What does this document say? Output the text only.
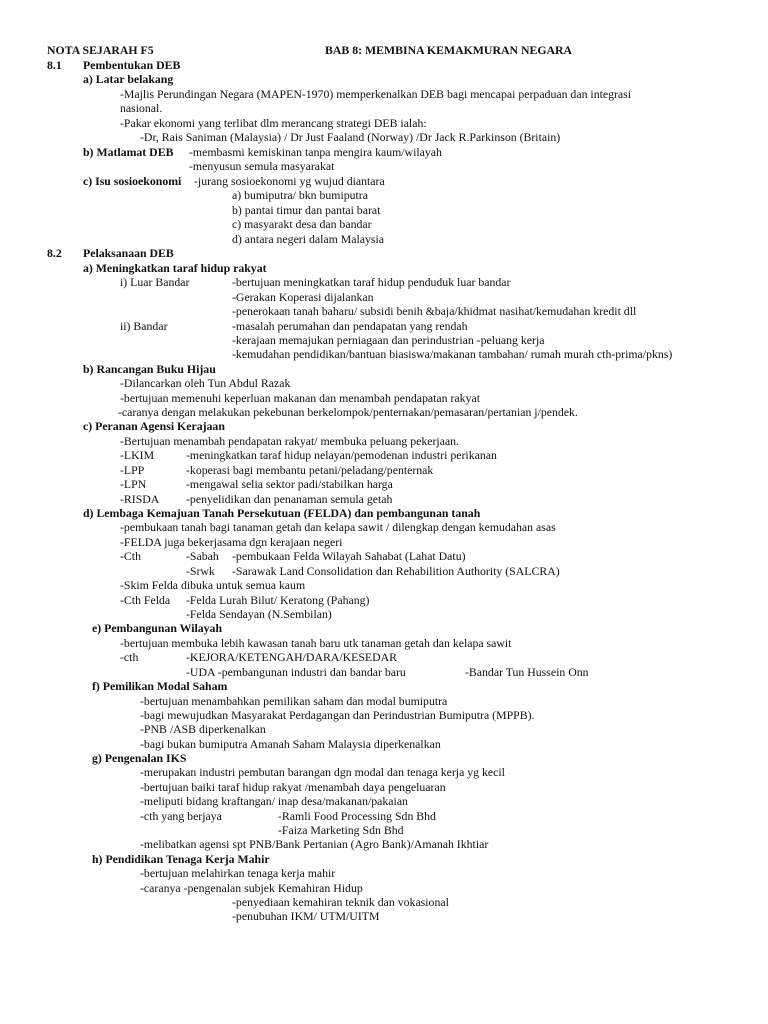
NOTA SEJARAH F5	BAB 8: MEMBINA KEMAKMURAN NEGARA
8.1 Pembentukan DEB
a) Latar belakang
-Majlis Perundingan Negara (MAPEN-1970) memperkenalkan DEB bagi mencapai perpaduan dan integrasi
nasional.
-Pakar ekonomi yang terlibat dlm merancang strategi DEB ialah:
-Dr, Rais Saniman (Malaysia) / Dr Just Faaland (Norway) /Dr Jack R.Parkinson (Britain)
b) Matlamat DEB -membasmi kemiskinan tanpa mengira kaum/wilayah
-menyusun semula masyarakat
c) Isu sosioekonomi -jurang sosioekonomi yg wujud diantara
a) bumiputra/ bkn bumiputra
b) pantai timur dan pantai barat
c) masyarakt desa dan bandar
d) antara negeri dalam Malaysia
8.2 Pelaksanaan DEB
a) Meningkatkan taraf hidup rakyat
i) Luar Bandar	-bertujuan meningkatkan taraf hidup penduduk luar bandar
-Gerakan Koperasi dijalankan
-penerokaan tanah baharu/ subsidi benih &baja/khidmat nasihat/kemudahan kredit dll
ii) Bandar	-masalah perumahan dan pendapatan yang rendah
-kerajaan memajukan perniagaan dan perindustrian -peluang kerja
-kemudahan pendidikan/bantuan biasiswa/makanan tambahan/ rumah murah cth-prima/pkns)
b) Rancangan Buku Hijau
-Dilancarkan oleh Tun Abdul Razak
-bertujuan memenuhi keperluan makanan dan menambah pendapatan rakyat
-caranya dengan melakukan pekebunan berkelompok/penternakan/pemasaran/pertanian j/pendek.
c) Peranan Agensi Kerajaan
-Bertujuan menambah pendapatan rakyat/ membuka peluang pekerjaan.
-LKIM	-meningkatkan taraf hidup nelayan/pemodenan industri perikanan
-LPP	-koperasi bagi membantu petani/peladang/penternak
-LPN	-mengawal selia sektor padi/stabilkan harga
-RISDA -penyelidikan dan penanaman semula getah
d) Lembaga Kemajuan Tanah Persekutuan (FELDA) dan pembangunan tanah
-pembukaan tanah bagi tanaman getah dan kelapa sawit / dilengkap dengan kemudahan asas
-FELDA juga bekerjasama dgn kerajaan negeri
-Cth	-Sabah -pembukaan Felda Wilayah Sahabat (Lahat Datu)
-Srwk -Sarawak Land Consolidation dan Rehabilition Authority (SALCRA)
-Skim Felda dibuka untuk semua kaum
-Cth Felda -Felda Lurah Bilut/ Keratong (Pahang)
-Felda Sendayan (N.Sembilan)
e) Pembangunan Wilayah
-bertujuan membuka lebih kawasan tanah baru utk tanaman getah dan kelapa sawit
-cth	-KEJORA/KETENGAH/DARA/KESEDAR
-UDA -pembangunan industri dan bandar baru	-Bandar Tun Hussein Onn
f) Pemilikan Modal Saham
-bertujuan menambahkan pemilikan saham dan modal bumiputra
-bagi mewujudkan Masyarakat Perdagangan dan Perindustrian Bumiputra (MPPB).
-PNB /ASB diperkenalkan
-bagi bukan bumiputra Amanah Saham Malaysia diperkenalkan
g) Pengenalan IKS
-merupakan industri pembutan barangan dgn modal dan tenaga kerja yg kecil
-bertujuan baiki taraf hidup rakyat /menambah daya pengeluaran
-meliputi bidang kraftangan/ inap desa/makanan/pakaian
-cth yang berjaya	-Ramli Food Processing Sdn Bhd
-Faiza Marketing Sdn Bhd
-melibatkan agensi spt PNB/Bank Pertanian (Agro Bank)/Amanah Ikhtiar
h) Pendidikan Tenaga Kerja Mahir
-bertujuan melahirkan tenaga kerja mahir
-caranya -pengenalan subjek Kemahiran Hidup
-penyediaan kemahiran teknik dan vokasional
-penubuhan IKM/ UTM/UITM
